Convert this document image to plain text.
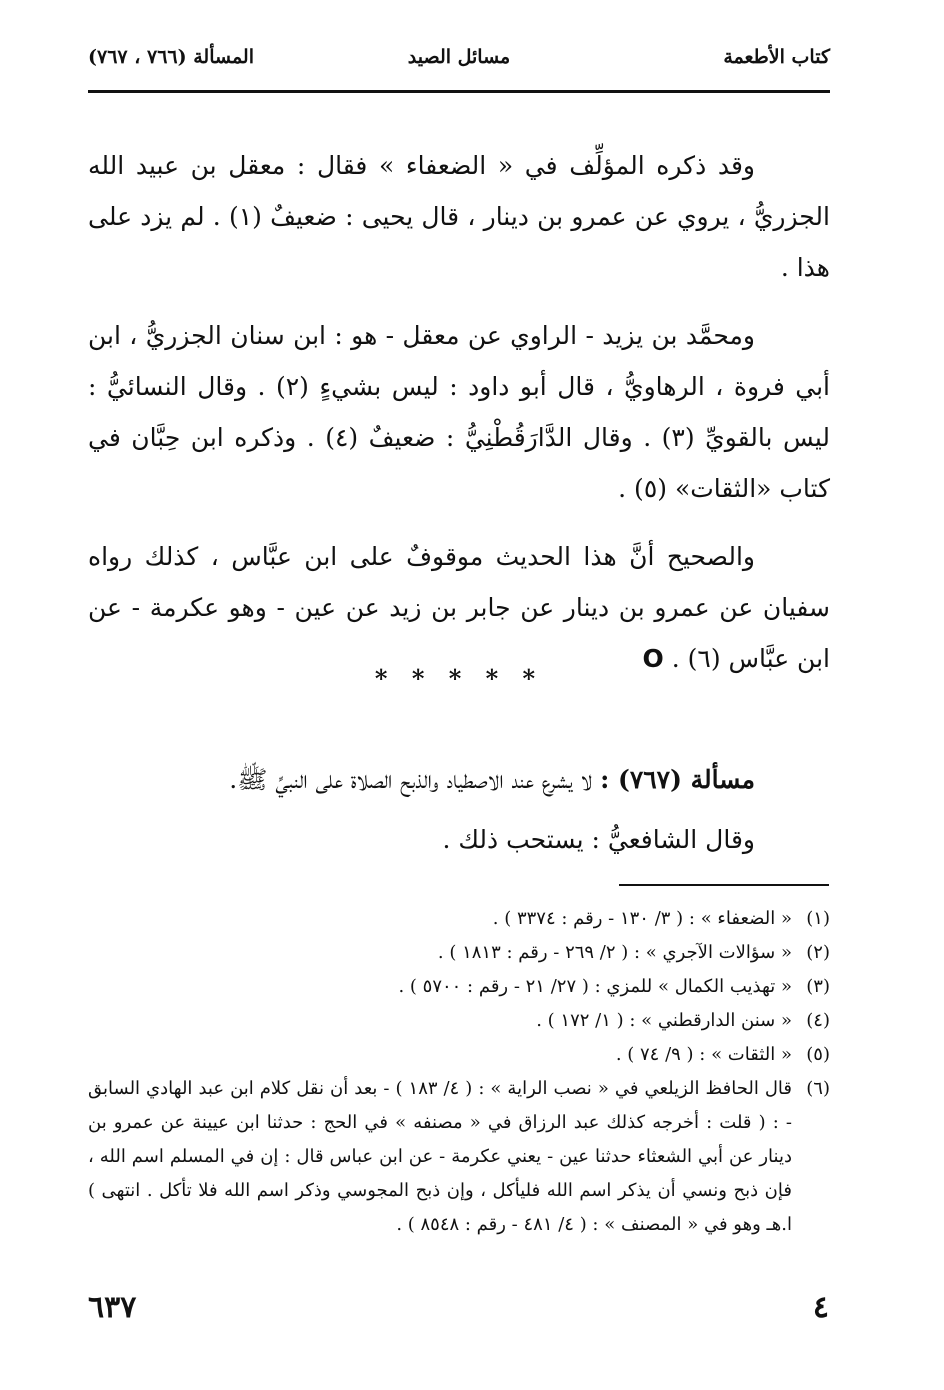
كتاب الأطعمة
مسائل الصيد
المسألة (٧٦٦ ، ٧٦٧)

وقد ذكره المؤلِّف في « الضعفاء » فقال : معقل بن عبيد الله الجزريُّ ، يروي عن عمرو بن دينار ، قال يحيى : ضعيفٌ (١) . لم يزد على هذا .

ومحمَّد بن يزيد - الراوي عن معقل - هو : ابن سنان الجزريُّ ، ابن أبي فروة ، الرهاويُّ ، قال أبو داود : ليس بشيءٍ (٢) . وقال النسائيُّ : ليس بالقويِّ (٣) . وقال الدَّارَقُطْنِيُّ : ضعيفٌ (٤) . وذكره ابن حِبَّان في كتاب «الثقات» (٥) .

والصحيح أنَّ هذا الحديث موقوفٌ على ابن عبَّاس ، كذلك رواه سفيان عن عمرو بن دينار عن جابر بن زيد عن عين - وهو عكرمة - عن ابن عبَّاس (٦) . O

* * * * *

مسألة (٧٦٧) : لا يشرع عند الاصطياد والذبح الصلاة على النبيِّ ﷺ.

وقال الشافعيُّ : يستحب ذلك .

(١)
« الضعفاء » : ( ٣/ ١٣٠ - رقم : ٣٣٧٤ ) .
(٢)
« سؤالات الآجري » : ( ٢/ ٢٦٩ - رقم : ١٨١٣ ) .
(٣)
« تهذيب الكمال » للمزي : ( ٢٧/ ٢١ - رقم : ٥٧٠٠ ) .
(٤)
« سنن الدارقطني » : ( ١/ ١٧٢ ) .
(٥)
« الثقات » : ( ٩/ ٧٤ ) .
(٦)
قال الحافظ الزيلعي في « نصب الراية » : ( ٤/ ١٨٣ ) - بعد أن نقل كلام ابن عبد الهادي السابق - : ( قلت : أخرجه كذلك عبد الرزاق في « مصنفه » في الحج : حدثنا ابن عيينة عن عمرو بن دينار عن أبي الشعثاء حدثنا عين - يعني عكرمة - عن ابن عباس قال : إن في المسلم اسم الله ، فإن ذبح ونسي أن يذكر اسم الله فليأكل ، وإن ذبح المجوسي وذكر اسم الله فلا تأكل . انتهى ) ا.هـ وهو في « المصنف » : ( ٤/ ٤٨١ - رقم : ٨٥٤٨ ) .
٤
٦٣٧
